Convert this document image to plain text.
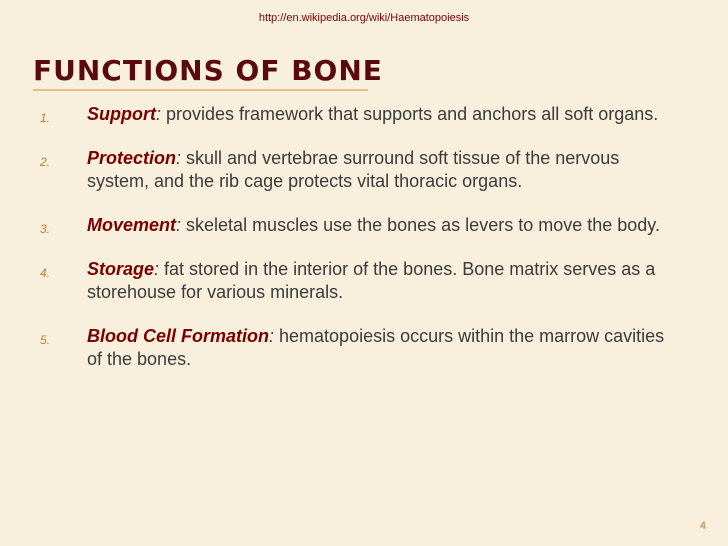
http://en.wikipedia.org/wiki/Haematopoiesis
FUNCTIONS OF BONE
1.	Support: provides framework that supports and anchors all soft organs.
2.	Protection: skull and vertebrae surround soft tissue of the nervous system, and the rib cage protects vital thoracic organs.
3.	Movement: skeletal muscles use the bones as levers to move the body.
4.	Storage: fat stored in the interior of the bones. Bone matrix serves as a storehouse for various minerals.
5.	Blood Cell Formation: hematopoiesis occurs within the marrow cavities of the bones.
4
